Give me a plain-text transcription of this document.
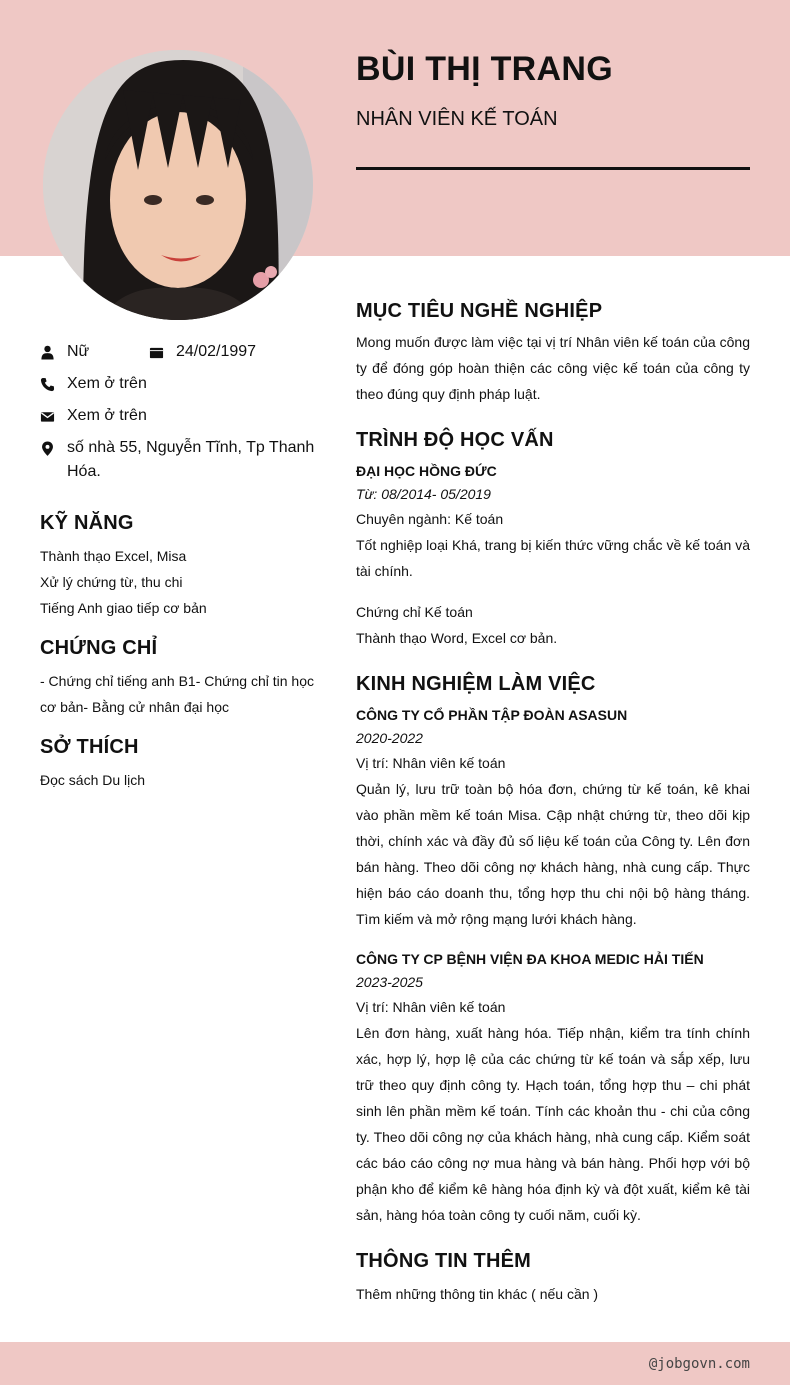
BÙI THỊ TRANG
NHÂN VIÊN KẾ TOÁN
Nữ	24/02/1997
Xem ở trên
Xem ở trên
số nhà 55, Nguyễn Tĩnh, Tp Thanh Hóa.
KỸ NĂNG
Thành thạo Excel, Misa
Xử lý chứng từ, thu chi
Tiếng Anh giao tiếp cơ bản
CHỨNG CHỈ
- Chứng chỉ tiếng anh B1- Chứng chỉ tin học cơ bản- Bằng cử nhân đại học
SỞ THÍCH
Đọc sách Du lịch
MỤC TIÊU NGHỀ NGHIỆP
Mong muốn được làm việc tại vị trí Nhân viên kế toán của công ty để đóng góp hoàn thiện các công việc kế toán của công ty theo đúng quy định pháp luật.
TRÌNH ĐỘ HỌC VẤN
ĐẠI HỌC HỒNG ĐỨC
Từ: 08/2014- 05/2019
Chuyên ngành: Kế toán
Tốt nghiệp loại Khá, trang bị kiến thức vững chắc về kế toán và tài chính.
Chứng chỉ Kế toán
Thành thạo Word, Excel cơ bản.
KINH NGHIỆM LÀM VIỆC
CÔNG TY CỔ PHẦN TẬP ĐOÀN ASASUN
2020-2022
Vị trí: Nhân viên kế toán
Quản lý, lưu trữ toàn bộ hóa đơn, chứng từ kế toán, kê khai vào phần mềm kế toán Misa. Cập nhật chứng từ, theo dõi kịp thời, chính xác và đầy đủ số liệu kế toán của Công ty. Lên đơn bán hàng. Theo dõi công nợ khách hàng, nhà cung cấp. Thực hiện báo cáo doanh thu, tổng hợp thu chi nội bộ hàng tháng. Tìm kiếm và mở rộng mạng lưới khách hàng.
CÔNG TY CP BỆNH VIỆN ĐA KHOA MEDIC HẢI TIẾN
2023-2025
Vị trí: Nhân viên kế toán
Lên đơn hàng, xuất hàng hóa. Tiếp nhận, kiểm tra tính chính xác, hợp lý, hợp lệ của các chứng từ kế toán và sắp xếp, lưu trữ theo quy định công ty. Hạch toán, tổng hợp thu – chi phát sinh lên phần mềm kế toán. Tính các khoản thu - chi của công ty. Theo dõi công nợ của khách hàng, nhà cung cấp. Kiểm soát các báo cáo công nợ mua hàng và bán hàng. Phối hợp với bộ phận kho để kiểm kê hàng hóa định kỳ và đột xuất, kiểm kê tài sản, hàng hóa toàn công ty cuối năm, cuối kỳ.
THÔNG TIN THÊM
Thêm những thông tin khác ( nếu cần )
@jobgovn.com
